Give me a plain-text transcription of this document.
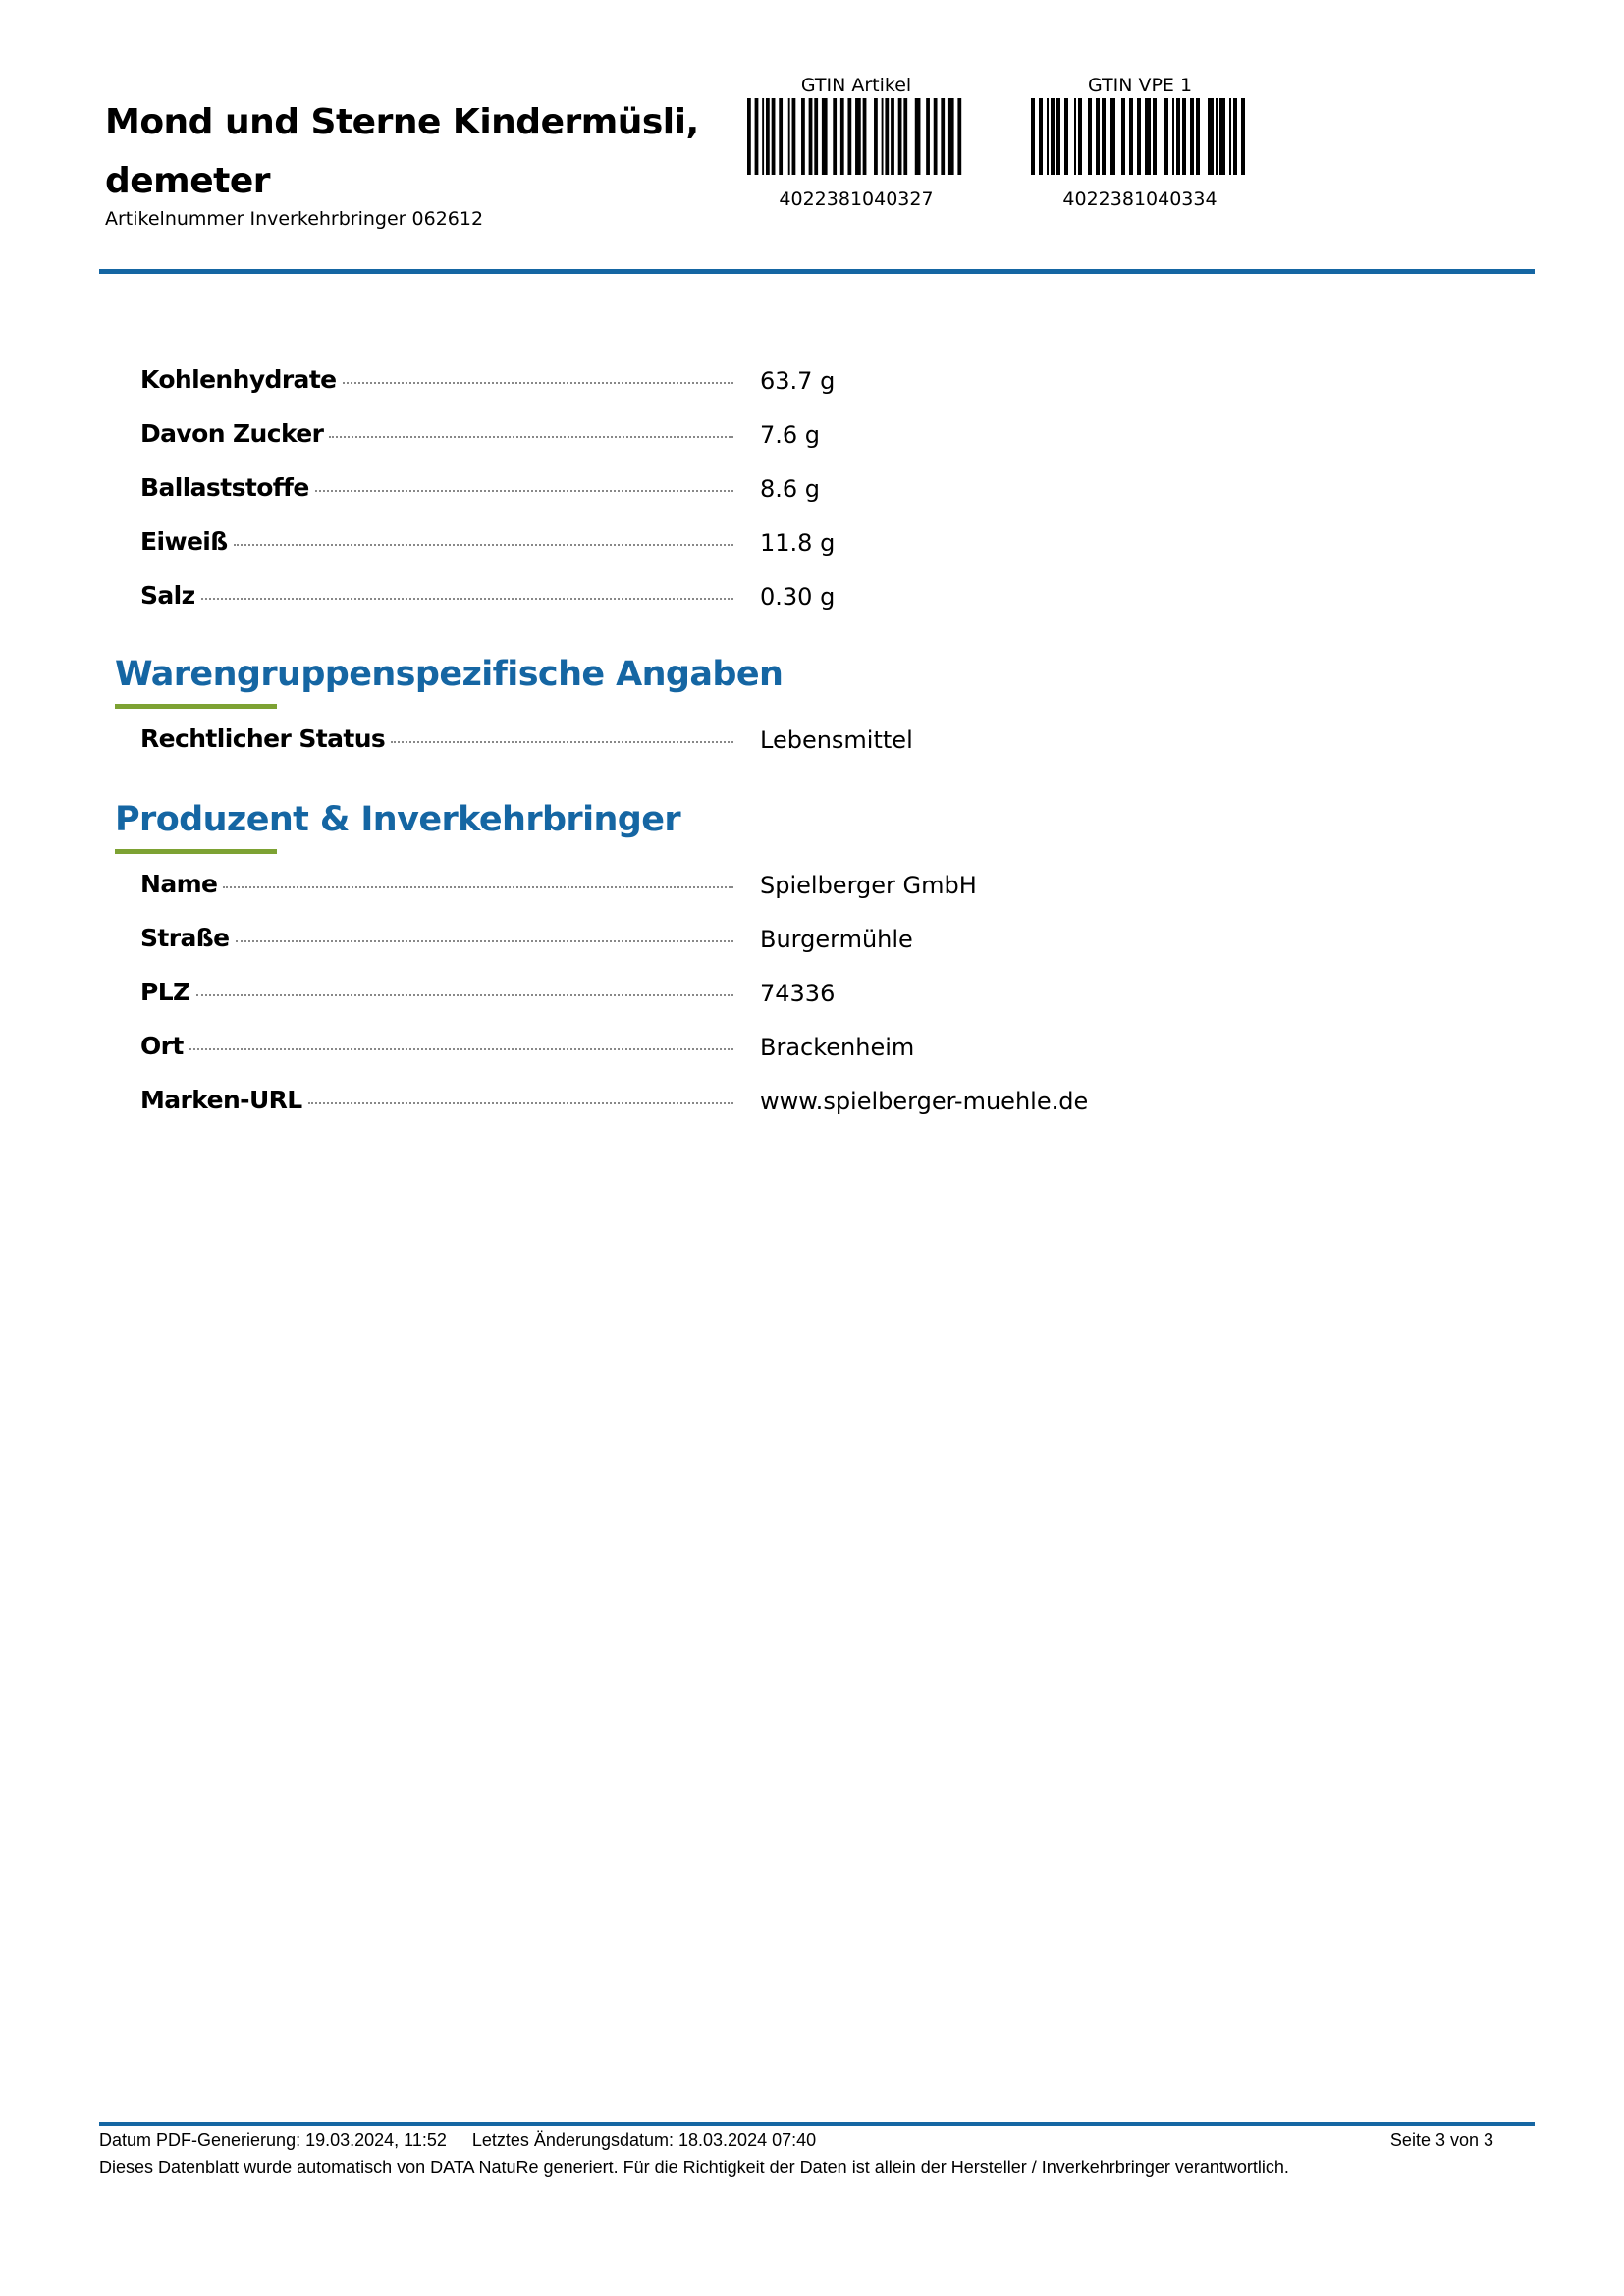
Mond und Sterne Kindermüsli, demeter
Artikelnummer Inverkehrbringer 062612
GTIN Artikel
4022381040327
GTIN VPE 1
4022381040334
Kohlenhydrate	63.7 g
Davon Zucker	7.6 g
Ballaststoffe	8.6 g
Eiweiß	11.8 g
Salz	0.30 g
Warengruppenspezifische Angaben
Rechtlicher Status	Lebensmittel
Produzent & Inverkehrbringer
Name	Spielberger GmbH
Straße	Burgermühle
PLZ	74336
Ort	Brackenheim
Marken-URL	www.spielberger-muehle.de
Datum PDF-Generierung: 19.03.2024, 11:52 Letztes Änderungsdatum: 18.03.2024 07:40	Seite 3 von 3
Dieses Datenblatt wurde automatisch von DATA NatuRe generiert. Für die Richtigkeit der Daten ist allein der Hersteller / Inverkehrbringer verantwortlich.
